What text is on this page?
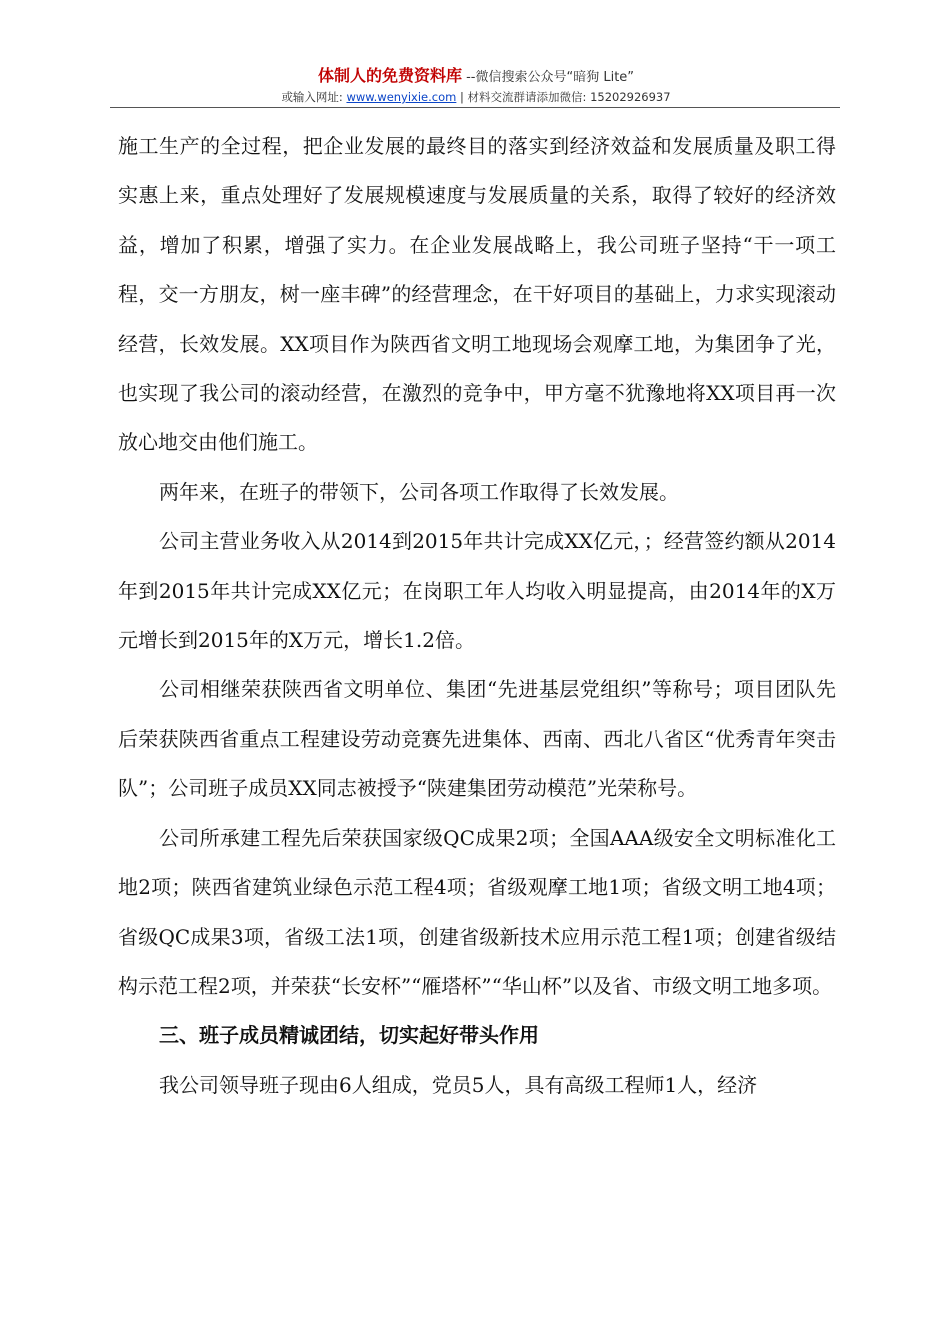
体制人的免费资料库 --微信搜索公众号“暗狗 Lite”
或输入网址: www.wenyixie.com | 材料交流群请添加微信: 15202926937

施工生产的全过程，把企业发展的最终目的落实到经济效益和发展质量及职工得实惠上来，重点处理好了发展规模速度与发展质量的关系，取得了较好的经济效益，增加了积累，增强了实力。在企业发展战略上，我公司班子坚持“干一项工程，交一方朋友，树一座丰碑”的经营理念，在干好项目的基础上，力求实现滚动经营，长效发展。XX项目作为陕西省文明工地现场会观摩工地，为集团争了光，也实现了我公司的滚动经营，在激烈的竞争中，甲方毫不犹豫地将XX项目再一次放心地交由他们施工。

两年来，在班子的带领下，公司各项工作取得了长效发展。

公司主营业务收入从2014到2015年共计完成XX亿元，；经营签约额从2014年到2015年共计完成XX亿元；在岗职工年人均收入明显提高，由2014年的X万元增长到2015年的X万元，增长1.2倍。

公司相继荣获陕西省文明单位、集团“先进基层党组织”等称号；项目团队先后荣获陕西省重点工程建设劳动竞赛先进集体、西南、西北八省区“优秀青年突击队”；公司班子成员XX同志被授予“陕建集团劳动模范”光荣称号。

公司所承建工程先后荣获国家级QC成果2项；全国AAA级安全文明标准化工地2项；陕西省建筑业绿色示范工程4项；省级观摩工地1项；省级文明工地4项；省级QC成果3项，省级工法1项，创建省级新技术应用示范工程1项；创建省级结构示范工程2项，并荣获“长安杯”“雁塔杯”“华山杯”以及省、市级文明工地多项。

三、班子成员精诚团结，切实起好带头作用

我公司领导班子现由6人组成，党员5人，具有高级工程师1人，经济
